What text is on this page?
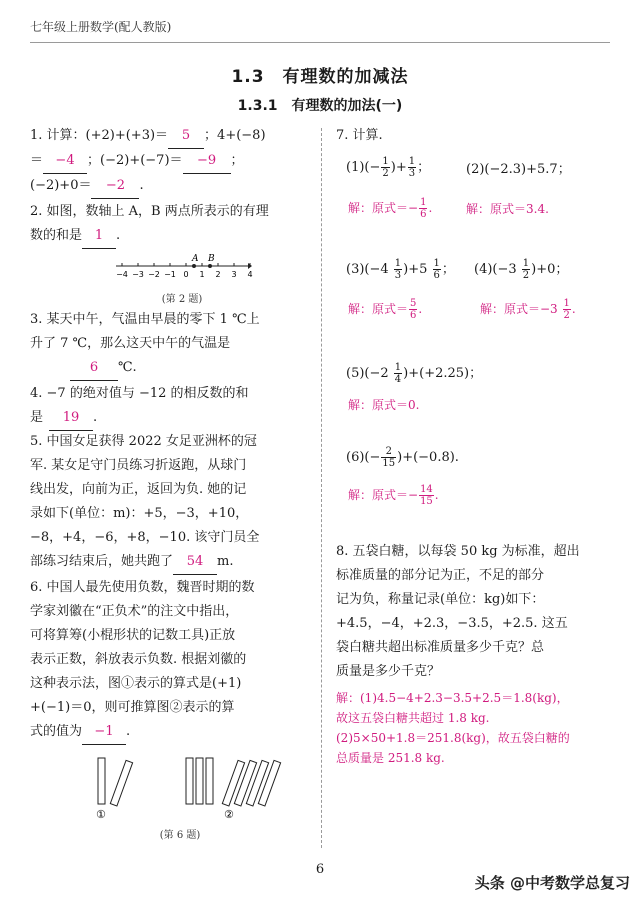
七年级上册数学(配人教版)
1.3　有理数的加减法
1.3.1　有理数的加法(一)

1. 计算：(+2)+(+3)＝ 5 ；4+(−8)

＝ −4 ；(−2)+(−7)＝ −9 ；

(−2)+0＝ −2 .

2. 如图，数轴上 A，B 两点所表示的有理

数的和是 1 .

−4 −3 −2 −1 0 1 2 3 4
A B
(第 2 题)

3. 某天中午，气温由早晨的零下 1 ℃上

升了 7 ℃，那么这天中午的气温是

6 ℃.

4. −7 的绝对值与 −12 的相反数的和

是 19 .

5. 中国女足获得 2022 女足亚洲杯的冠

军. 某女足守门员练习折返跑，从球门

线出发，向前为正，返回为负. 她的记

录如下(单位：m)：+5，−3，+10，

−8，+4，−6，+8，−10. 该守门员全

部练习结束后，她共跑了 54 m.

6. 中国人最先使用负数，魏晋时期的数

学家刘徽在“正负术”的注文中指出，

可将算筹(小棍形状的记数工具)正放

表示正数，斜放表示负数. 根据刘徽的

这种表示法，图①表示的算式是(+1)

+(−1)＝0，则可推算图②表示的算

式的值为 −1 .

①	②
(第 6 题)
7. 计算.
$(1)(- \frac{1}{2}$ )+ $\frac{1}{3}$ ；	(2)(−2.3)+5.7；
解：原式＝− $\frac{1}{6}$ .	解：原式＝3.4.
$(3)(-4 \frac{1}{3} )+5 \frac{1}{6}$ ； $(4)(-3 \frac{1}{2} )+0$；
解：原式＝ $\frac{5}{6}$ .	解：原式$=-3 \frac{1}{2}$ .
$(5)(-2 \frac{1}{4} )+(+2.25)$；
解：原式＝0.
$(6)(- \frac{2}{15} )+(-0.8)$.
解：原式＝− $\frac{14}{15}$ .

8. 五袋白糖，以每袋 50 kg 为标准，超出

标准质量的部分记为正，不足的部分

记为负，称量记录(单位：kg)如下：

+4.5，−4，+2.3，−3.5，+2.5. 这五

袋白糖共超出标准质量多少千克？总

质量是多少千克？

解：(1)4.5−4+2.3−3.5+2.5＝1.8(kg)，

故这五袋白糖共超过 1.8 kg.

(2)5×50+1.8＝251.8(kg)，故五袋白糖的

总质量是 251.8 kg.

6
头条 @中考数学总复习
